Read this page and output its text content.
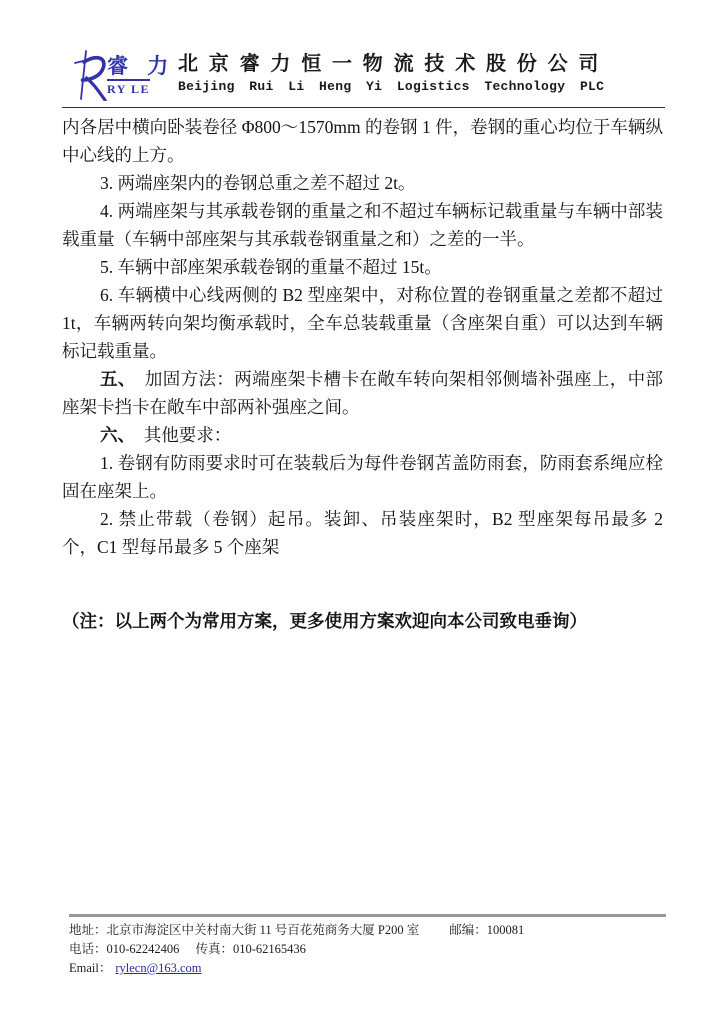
睿 力
RY LE
北京睿力恒一物流技术股份公司
Beijing Rui Li Heng Yi Logistics Technology PLC

内各居中横向卧装卷径 Φ800～1570mm 的卷钢 1 件，卷钢的重心均位于车辆纵中心线的上方。

3. 两端座架内的卷钢总重之差不超过 2t。

4. 两端座架与其承载卷钢的重量之和不超过车辆标记载重量与车辆中部装载重量（车辆中部座架与其承载卷钢重量之和）之差的一半。

5. 车辆中部座架承载卷钢的重量不超过 15t。

6. 车辆横中心线两侧的 B2 型座架中，对称位置的卷钢重量之差都不超过 1t，车辆两转向架均衡承载时，全车总装载重量（含座架自重）可以达到车辆标记载重量。

五、　加固方法：两端座架卡槽卡在敞车转向架相邻侧墙补强座上，中部座架卡挡卡在敞车中部两补强座之间。

六、　其他要求：

1. 卷钢有防雨要求时可在装载后为每件卷钢苫盖防雨套，防雨套系绳应栓固在座架上。

2. 禁止带载（卷钢）起吊。装卸、吊装座架时，B2 型座架每吊最多 2 个，C1 型每吊最多 5 个座架

（注：以上两个为常用方案，更多使用方案欢迎向本公司致电垂询）

地址：北京市海淀区中关村南大街 11 号百花苑商务大厦 P200 室 邮编：100081
电话：010-62242406 传真：010-62165436
Email： rylecn@163.com
